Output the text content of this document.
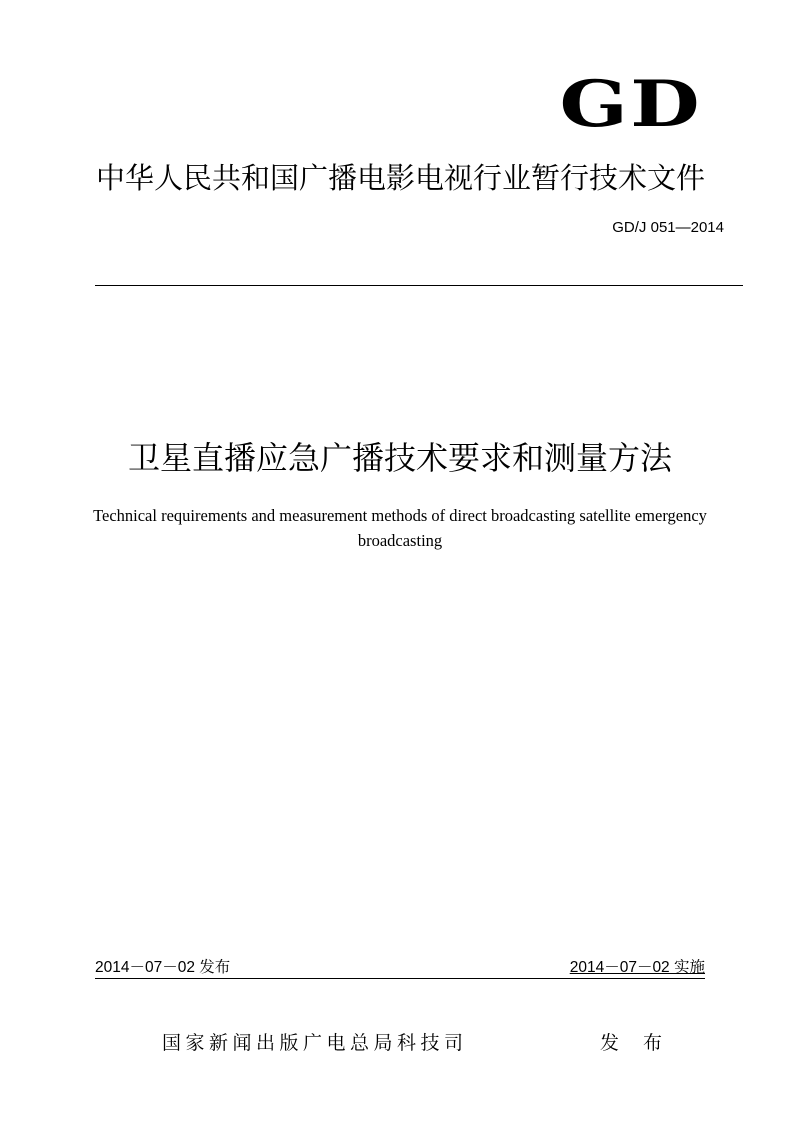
GD
中华人民共和国广播电影电视行业暂行技术文件
GD/J 051—2014
卫星直播应急广播技术要求和测量方法
Technical requirements and measurement methods of direct broadcasting satellite emergency broadcasting
2014－07－02 发布	2014－07－02 实施
国家新闻出版广电总局科技司	发 布
